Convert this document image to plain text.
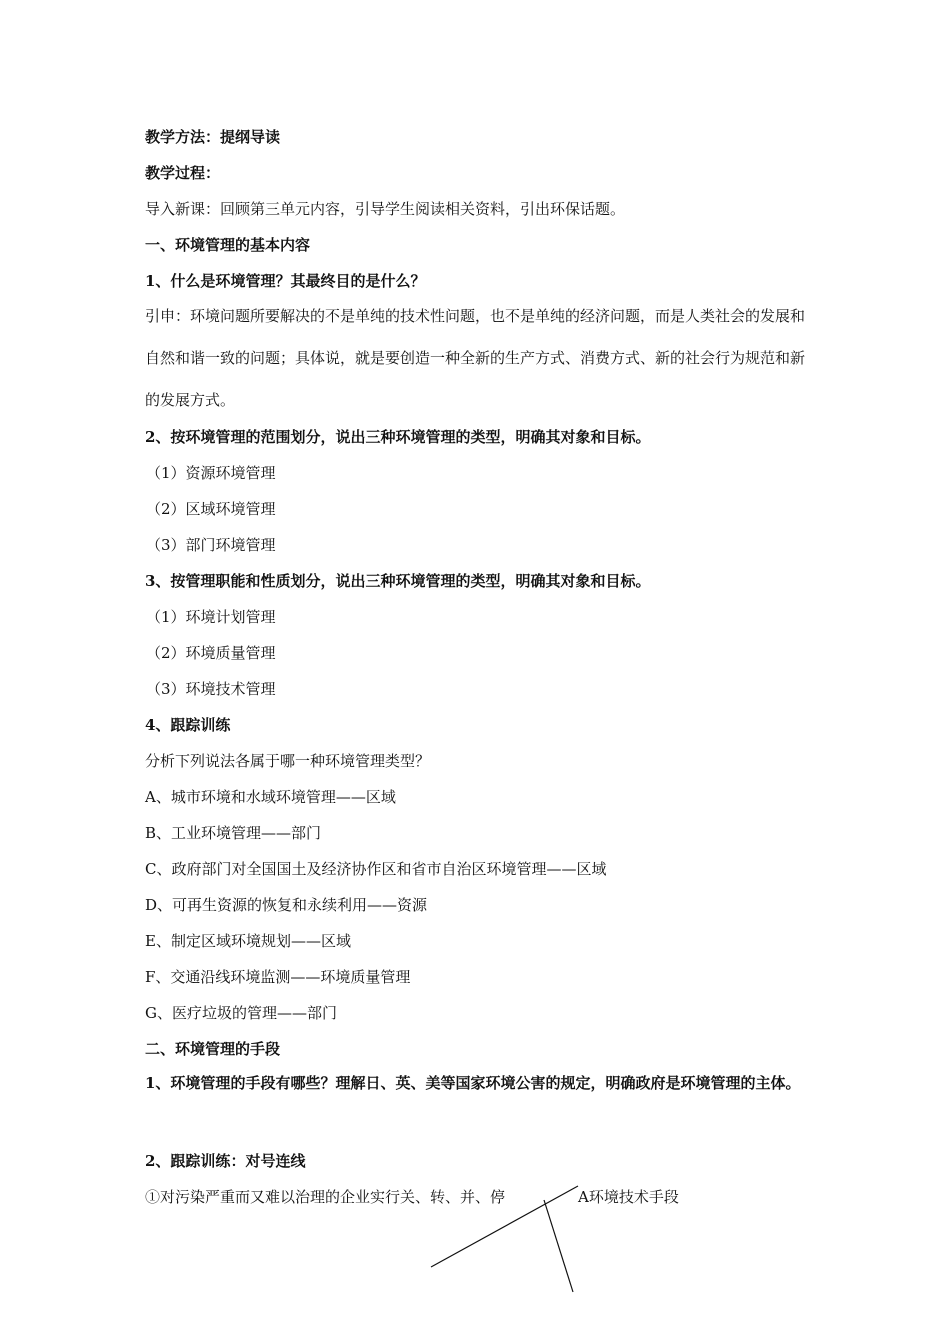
教学方法：提纲导读
教学过程：
导入新课：回顾第三单元内容，引导学生阅读相关资料，引出环保话题。
一、环境管理的基本内容
1、什么是环境管理？其最终目的是什么？
引申：环境问题所要解决的不是单纯的技术性问题，也不是单纯的经济问题，而是人类社会的发展和自然和谐一致的问题；具体说，就是要创造一种全新的生产方式、消费方式、新的社会行为规范和新的发展方式。
2、按环境管理的范围划分，说出三种环境管理的类型，明确其对象和目标。
（1）资源环境管理
（2）区域环境管理
（3）部门环境管理
3、按管理职能和性质划分，说出三种环境管理的类型，明确其对象和目标。
（1）环境计划管理
（2）环境质量管理
（3）环境技术管理
4、跟踪训练
分析下列说法各属于哪一种环境管理类型？
A、城市环境和水域环境管理——区域
B、工业环境管理——部门
C、政府部门对全国国土及经济协作区和省市自治区环境管理——区域
D、可再生资源的恢复和永续利用——资源
E、制定区域环境规划——区域
F、交通沿线环境监测——环境质量管理
G、医疗垃圾的管理——部门
二、环境管理的手段
1、环境管理的手段有哪些？理解日、英、美等国家环境公害的规定，明确政府是环境管理的主体。
2、跟踪训练：对号连线
①对污染严重而又难以治理的企业实行关、转、并、停	A环境技术手段
